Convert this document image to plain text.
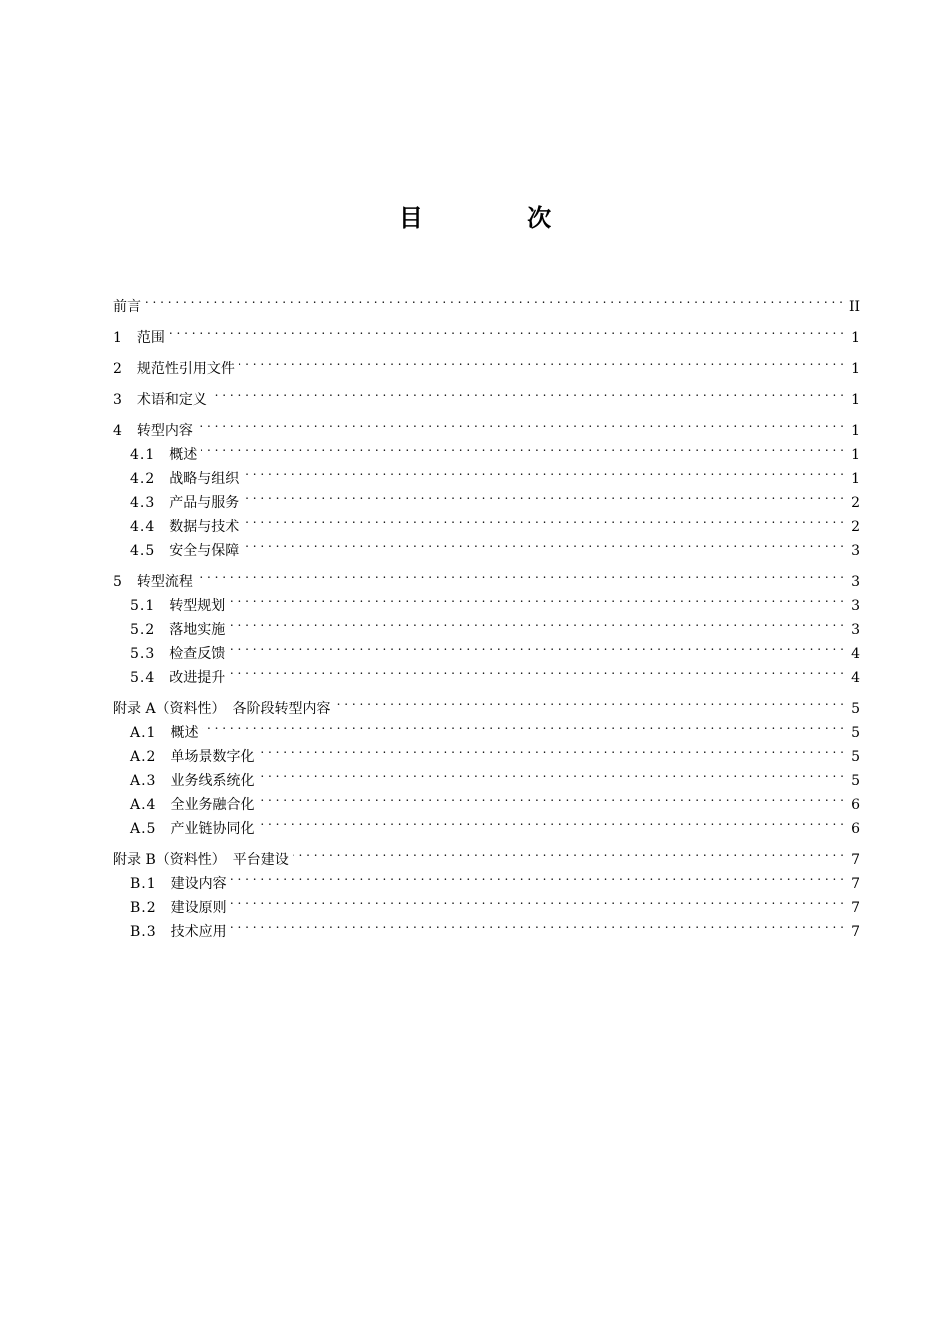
目 次
前言 . . .	II
1 范围 . . .	1
2 规范性引用文件 . . .	1
3 术语和定义 . . .	1
4 转型内容 . . .	1
4.1 概述 . . .	1
4.2 战略与组织 . . .	1
4.3 产品与服务 . . .	2
4.4 数据与技术 . . .	2
4.5 安全与保障 . . .	3
5 转型流程 . . .	3
5.1 转型规划 . . .	3
5.2 落地实施 . . .	3
5.3 检查反馈 . . .	4
5.4 改进提升 . . .	4
附录 A（资料性）　各阶段转型内容 . . .	5
A.1 概述 . . .	5
A.2 单场景数字化 . . .	5
A.3 业务线系统化 . . .	5
A.4 全业务融合化 . . .	6
A.5 产业链协同化 . . .	6
附录 B（资料性）　平台建设 . . .	7
B.1 建设内容 . . .	7
B.2 建设原则 . . .	7
B.3 技术应用 . . .	7
